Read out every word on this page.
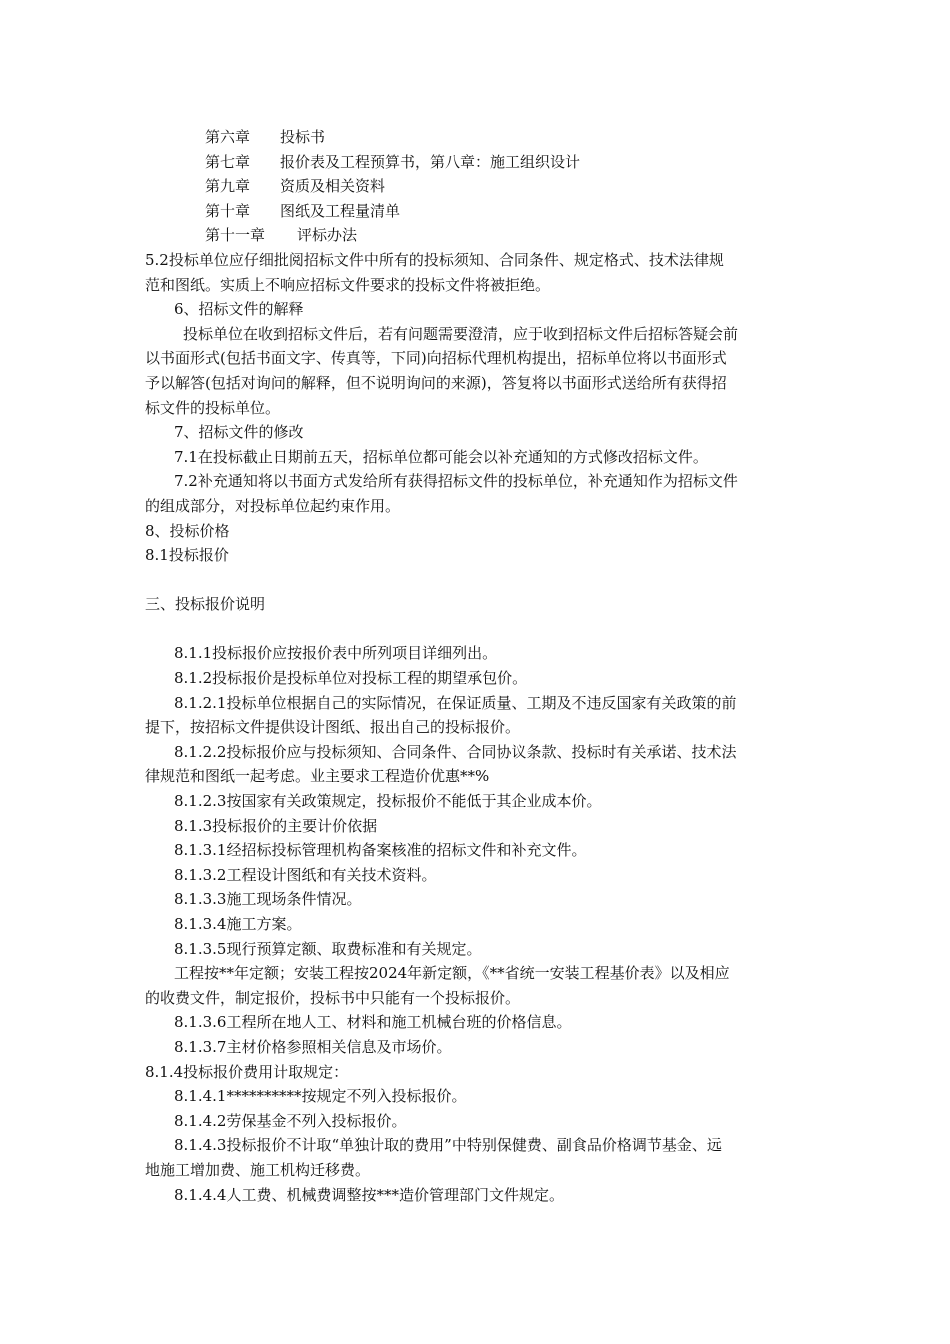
第六章 投标书
第七章 报价表及工程预算书，第八章：施工组织设计
第九章 资质及相关资料
第十章 图纸及工程量清单
第十一章 评标办法
5.2投标单位应仔细批阅招标文件中所有的投标须知、合同条件、规定格式、技术法律规
范和图纸。实质上不响应招标文件要求的投标文件将被拒绝。
6、招标文件的解释
投标单位在收到招标文件后，若有问题需要澄清，应于收到招标文件后招标答疑会前
以书面形式(包括书面文字、传真等，下同)向招标代理机构提出，招标单位将以书面形式
予以解答(包括对询问的解释，但不说明询问的来源)，答复将以书面形式送给所有获得招
标文件的投标单位。
7、招标文件的修改
7.1在投标截止日期前五天，招标单位都可能会以补充通知的方式修改招标文件。
7.2补充通知将以书面方式发给所有获得招标文件的投标单位，补充通知作为招标文件
的组成部分，对投标单位起约束作用。
8、投标价格
8.1投标报价
三、投标报价说明
8.1.1投标报价应按报价表中所列项目详细列出。
8.1.2投标报价是投标单位对投标工程的期望承包价。
8.1.2.1投标单位根据自己的实际情况，在保证质量、工期及不违反国家有关政策的前
提下，按招标文件提供设计图纸、报出自己的投标报价。
8.1.2.2投标报价应与投标须知、合同条件、合同协议条款、投标时有关承诺、技术法
律规范和图纸一起考虑。业主要求工程造价优惠**%
8.1.2.3按国家有关政策规定，投标报价不能低于其企业成本价。
8.1.3投标报价的主要计价依据
8.1.3.1经招标投标管理机构备案核准的招标文件和补充文件。
8.1.3.2工程设计图纸和有关技术资料。
8.1.3.3施工现场条件情况。
8.1.3.4施工方案。
8.1.3.5现行预算定额、取费标准和有关规定。
工程按**年定额；安装工程按2024年新定额，《**省统一安装工程基价表》以及相应
的收费文件，制定报价，投标书中只能有一个投标报价。
8.1.3.6工程所在地人工、材料和施工机械台班的价格信息。
8.1.3.7主材价格参照相关信息及市场价。
8.1.4投标报价费用计取规定：
8.1.4.1**********按规定不列入投标报价。
8.1.4.2劳保基金不列入投标报价。
8.1.4.3投标报价不计取“单独计取的费用”中特别保健费、副食品价格调节基金、远
地施工增加费、施工机构迁移费。
8.1.4.4人工费、机械费调整按***造价管理部门文件规定。
